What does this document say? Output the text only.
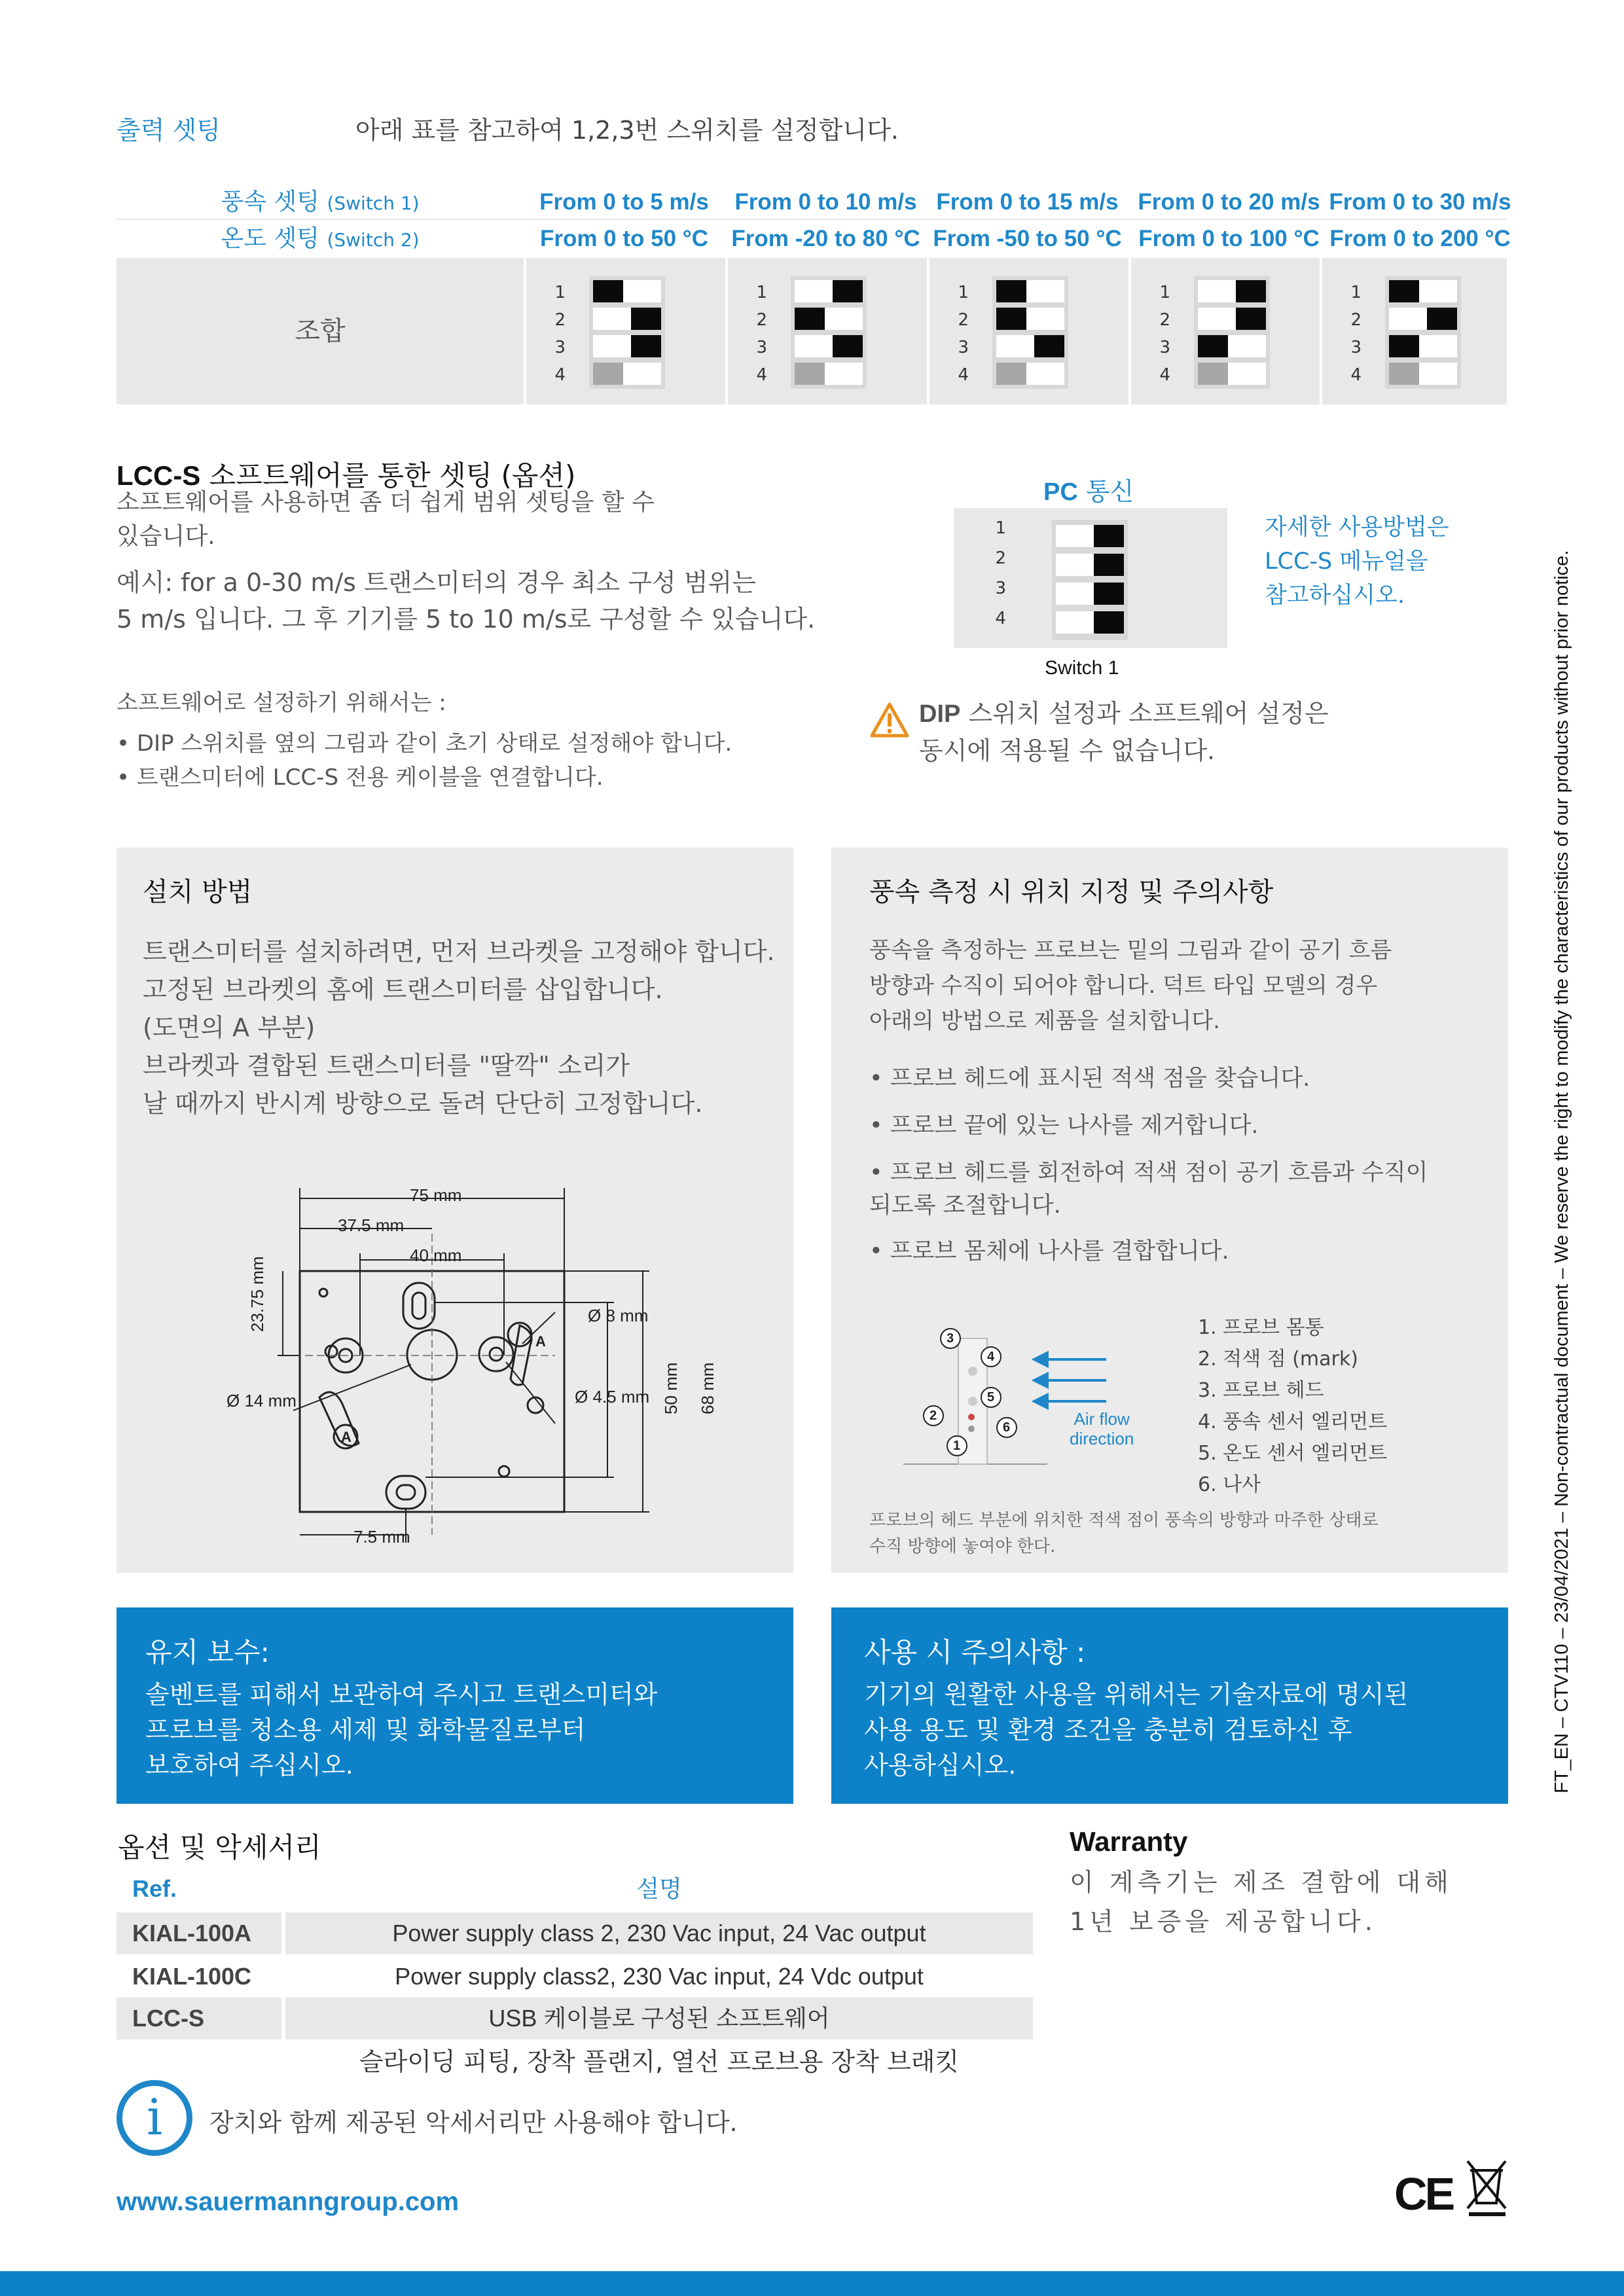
출력 셋팅	아래 표를 참고하여 1,2,3번 스위치를 설정합니다.
풍속 셋팅 (Switch 1)	From 0 to 5 m/s	From 0 to 10 m/s From 0 to 15 m/s From 0 to 20 m/s From 0 to 30 m/s
온도 셋팅 (Switch 2)	From 0 to 50 °C	From -20 to 80 °C From -50 to 50 °C From 0 to 100 °C From 0 to 200 °C
조합
1
2
3
4
1
2
3
4
1
2
3
4
1
2
3
4
1
2
3
4
LCC-S 소프트웨어를 통한 셋팅 (옵션)
소프트웨어를 사용하면 좀 더 쉽게 범위 셋팅을 할 수
있습니다.
예시: for a 0-30 m/s 트랜스미터의 경우 최소 구성 범위는
5 m/s 입니다. 그 후 기기를 5 to 10 m/s로 구성할 수 있습니다.
소프트웨어로 설정하기 위해서는 :
• DIP 스위치를 옆의 그림과 같이 초기 상태로 설정해야 합니다.
• 트랜스미터에 LCC-S 전용 케이블을 연결합니다.
PC 통신
1
2
3
4
Switch 1
자세한 사용방법은
LCC-S 메뉴얼을
참고하십시오.
DIP 스위치 설정과 소프트웨어 설정은
동시에 적용될 수 없습니다.
설치 방법
트랜스미터를 설치하려면, 먼저 브라켓을 고정해야 합니다.
고정된 브라켓의 홈에 트랜스미터를 삽입합니다.
(도면의 A 부분)
브라켓과 결합된 트랜스미터를 "딸깍" 소리가
날 때까지 반시계 방향으로 돌려 단단히 고정합니다.
75 mm
37.5 mm
40 mm
23.75 mm	Ø 8 mm
Ø 14 mm	Ø 4.5 mm 50 mm 68 mm
7.5 mm
A
A
풍속 측정 시 위치 지정 및 주의사항
풍속을 측정하는 프로브는 밑의 그림과 같이 공기 흐름
방향과 수직이 되어야 합니다. 덕트 타입 모델의 경우
아래의 방법으로 제품을 설치합니다.
• 프로브 헤드에 표시된 적색 점을 찾습니다.
• 프로브 끝에 있는 나사를 제거합니다.
• 프로브 헤드를 회전하여 적색 점이 공기 흐름과 수직이
되도록 조절합니다.
• 프로브 몸체에 나사를 결합합니다.
1
2
3
4
5
6	Air flow
direction
1. 프로브 몸통
2. 적색 점 (mark)
3. 프로브 헤드
4. 풍속 센서 엘리먼트
5. 온도 센서 엘리먼트
6. 나사
프로브의 헤드 부분에 위치한 적색 점이 풍속의 방향과 마주한 상태로
수직 방향에 놓여야 한다.
유지 보수:
솔벤트를 피해서 보관하여 주시고 트랜스미터와
프로브를 청소용 세제 및 화학물질로부터
보호하여 주십시오.
사용 시 주의사항 :
기기의 원활한 사용을 위해서는 기술자료에 명시된
사용 용도 및 환경 조건을 충분히 검토하신 후
사용하십시오.
옵션 및 악세서리
Ref.	설명
KIAL-100A	Power supply class 2, 230 Vac input, 24 Vac output
KIAL-100C	Power supply class2, 230 Vac input, 24 Vdc output
LCC-S	USB 케이블로 구성된 소프트웨어
슬라이딩 피팅, 장착 플랜지, 열선 프로브용 장착 브래킷
Warranty
이 계측기는 제조 결함에 대해
1년 보증을 제공합니다.
i	장치와 함께 제공된 악세서리만 사용해야 합니다.
www.sauermanngroup.com	CE
FT_EN – CTV110 – 23/04/2021 – Non-contractual document – We reserve the right to modify the characteristics of our products without prior notice.
